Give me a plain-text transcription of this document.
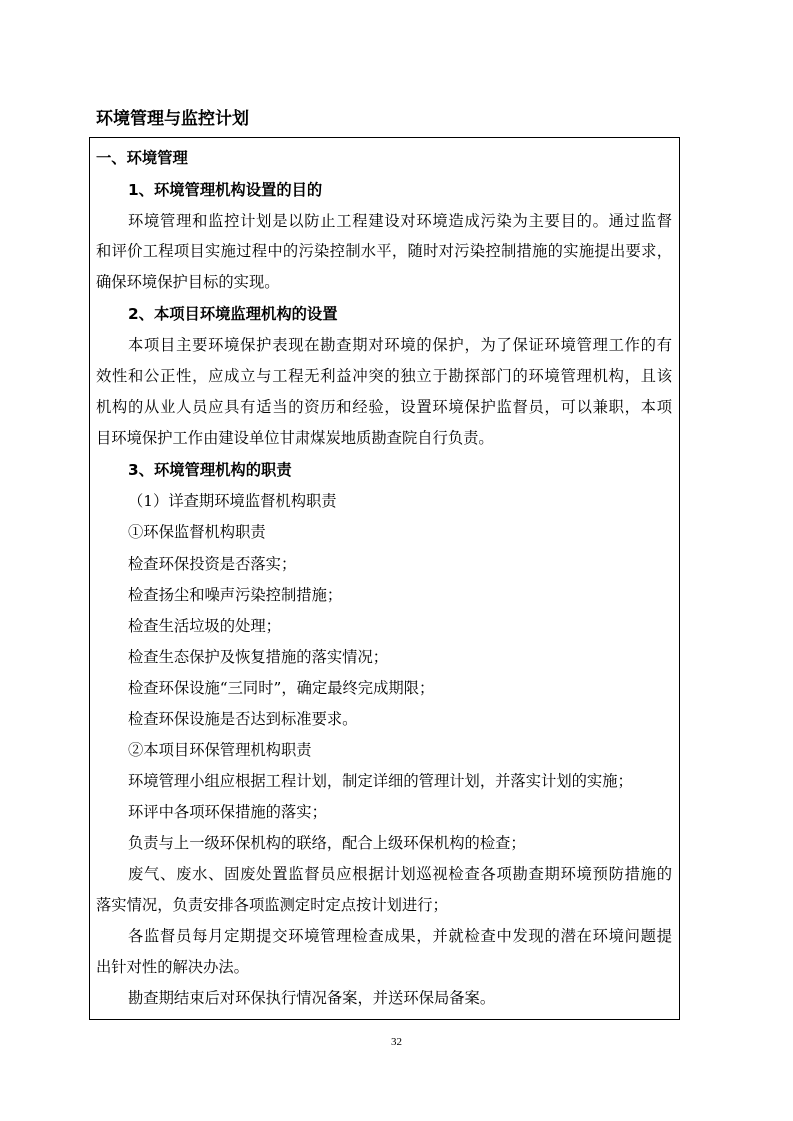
环境管理与监控计划
一、环境管理
1、环境管理机构设置的目的
环境管理和监控计划是以防止工程建设对环境造成污染为主要目的。通过监督
和评价工程项目实施过程中的污染控制水平，随时对污染控制措施的实施提出要求，
确保环境保护目标的实现。
2、本项目环境监理机构的设置
本项目主要环境保护表现在勘查期对环境的保护，为了保证环境管理工作的有
效性和公正性，应成立与工程无利益冲突的独立于勘探部门的环境管理机构，且该
机构的从业人员应具有适当的资历和经验，设置环境保护监督员，可以兼职，本项
目环境保护工作由建设单位甘肃煤炭地质勘查院自行负责。
3、环境管理机构的职责
（1）详查期环境监督机构职责
①环保监督机构职责
检查环保投资是否落实；
检查扬尘和噪声污染控制措施；
检查生活垃圾的处理；
检查生态保护及恢复措施的落实情况；
检查环保设施“三同时”，确定最终完成期限；
检查环保设施是否达到标准要求。
②本项目环保管理机构职责
环境管理小组应根据工程计划，制定详细的管理计划，并落实计划的实施；
环评中各项环保措施的落实；
负责与上一级环保机构的联络，配合上级环保机构的检查；
废气、废水、固废处置监督员应根据计划巡视检查各项勘查期环境预防措施的
落实情况，负责安排各项监测定时定点按计划进行；
各监督员每月定期提交环境管理检查成果，并就检查中发现的潜在环境问题提
出针对性的解决办法。
勘查期结束后对环保执行情况备案，并送环保局备案。
32
